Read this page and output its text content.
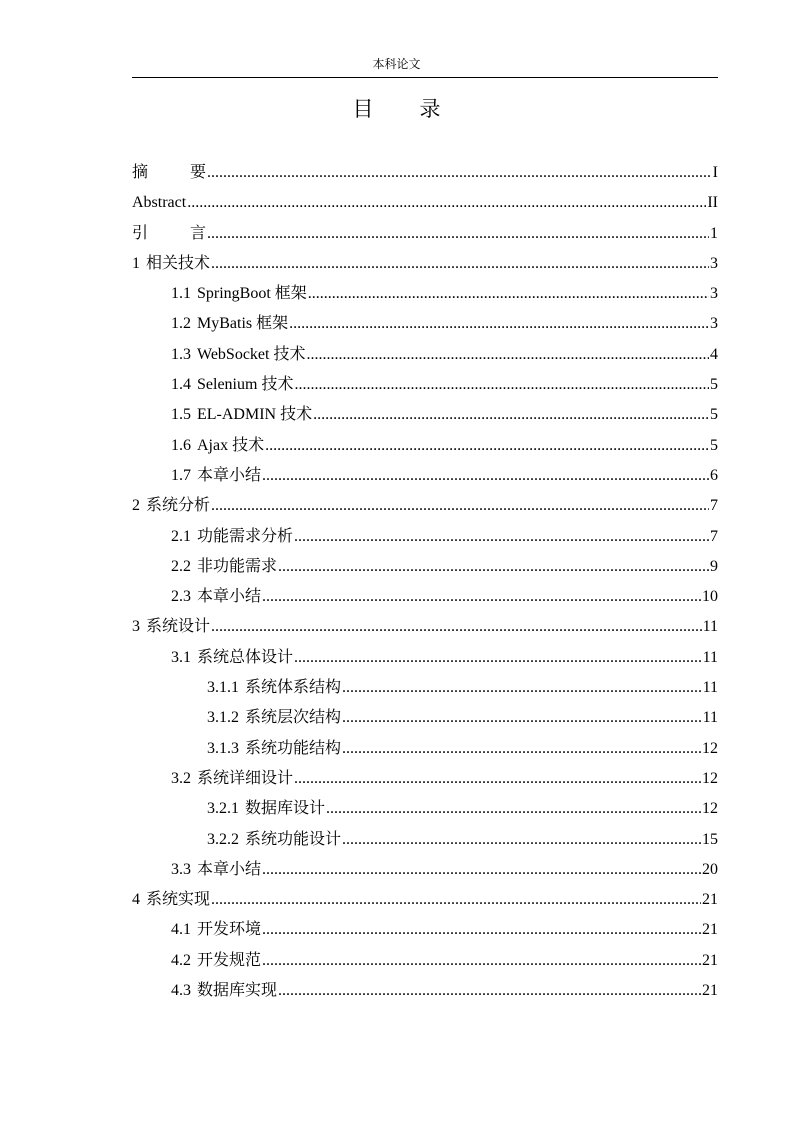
本科论文
目 录
摘	要 .....	I
Abstract .....	II
引	言 .....	1
1 相关技术 .....	3
1.1 SpringBoot 框架 .....	3
1.2 MyBatis 框架 .....	3
1.3 WebSocket 技术 .....	4
1.4 Selenium 技术 .....	5
1.5 EL-ADMIN 技术 .....	5
1.6 Ajax 技术 .....	5
1.7 本章小结 .....	6
2 系统分析 .....	7
2.1 功能需求分析 .....	7
2.2 非功能需求 .....	9
2.3 本章小结 .....	10
3 系统设计 .....	11
3.1 系统总体设计 .....	11
3.1.1 系统体系结构 .....	11
3.1.2 系统层次结构 .....	11
3.1.3 系统功能结构 .....	12
3.2 系统详细设计 .....	12
3.2.1 数据库设计 .....	12
3.2.2 系统功能设计 .....	15
3.3 本章小结 .....	20
4 系统实现 .....	21
4.1 开发环境 .....	21
4.2 开发规范 .....	21
4.3 数据库实现 .....	21
